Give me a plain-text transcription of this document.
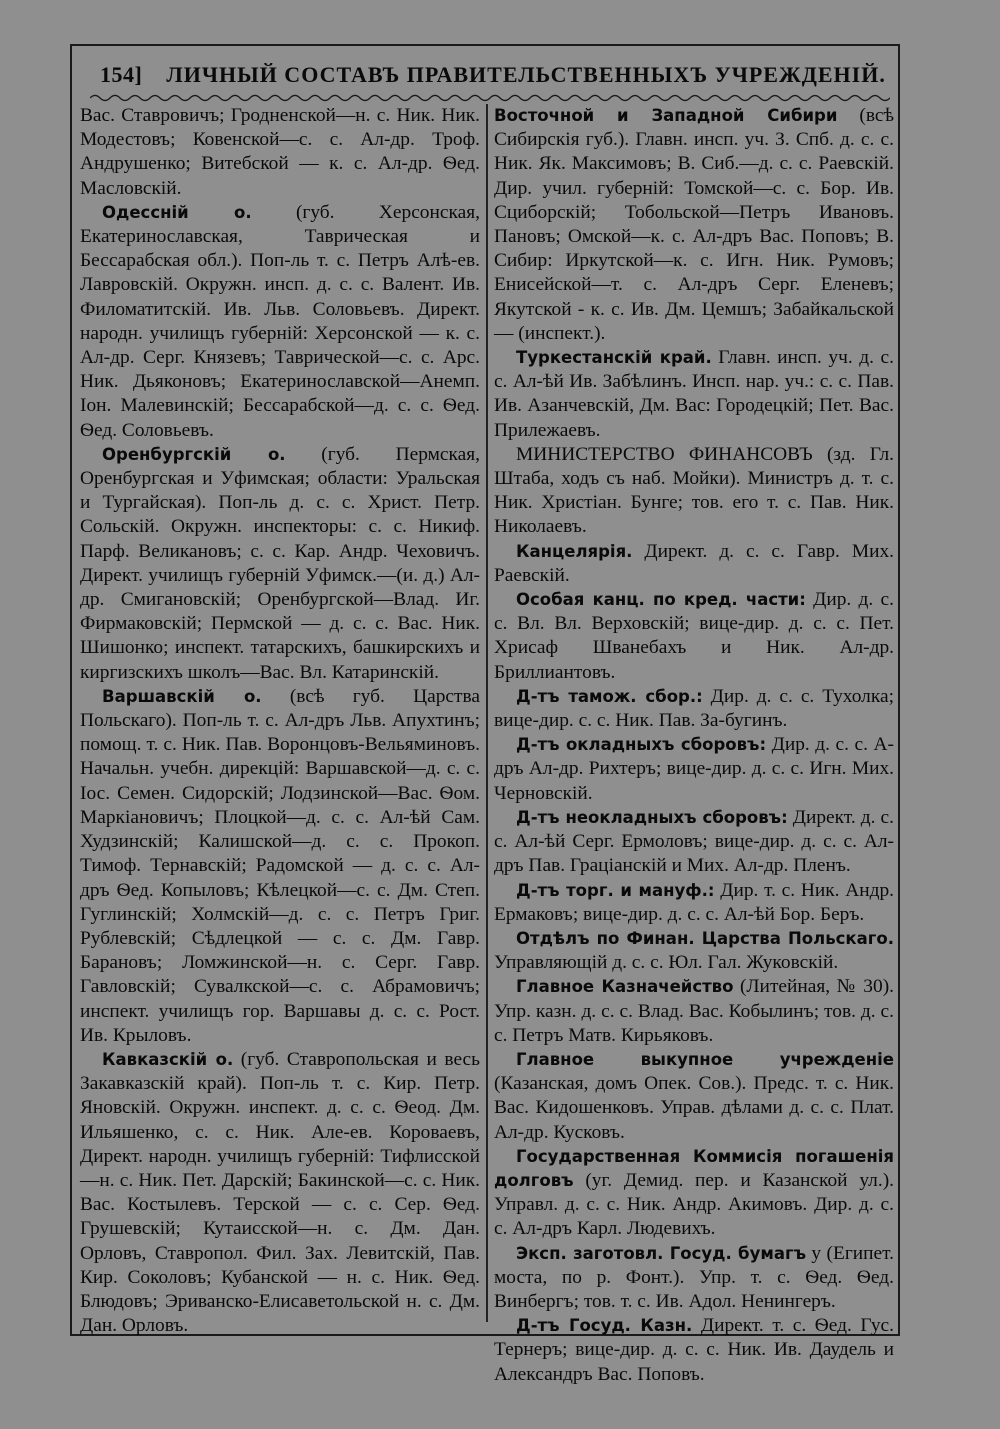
154] ЛИЧНЫЙ СОСТАВЪ ПРАВИТЕЛЬСТВЕННЫХЪ УЧРЕЖДЕНІЙ.

Вас. Ставровичъ; Гродненской—н. с. Ник. Ник. Модестовъ; Ковенской—с. с. Ал-др. Троф. Андрушенко; Витебской — к. с. Ал-др. Ѳед. Масловскій.

Одессній о. (губ. Херсонская, Екатеринославская, Таврическая и Бессарабская обл.). Поп-ль т. с. Петръ Алѣ-ев. Лавровскій. Окружн. инсп. д. с. с. Валент. Ив. Филоматитскій. Ив. Льв. Соловьевъ. Директ. народн. училищъ губерній: Херсонской — к. с. Ал-др. Серг. Князевъ; Таврической—с. с. Арс. Ник. Дьяконовъ; Екатеринославской—Анемп. Іон. Малевинскій; Бессарабской—д. с. с. Ѳед. Ѳед. Соловьевъ.

Оренбургскій о. (губ. Пермская, Оренбургская и Уфимская; области: Уральская и Тургайская). Поп-ль д. с. с. Христ. Петр. Сольскій. Окружн. инспекторы: с. с. Никиф. Парф. Великановъ; с. с. Кар. Андр. Чеховичъ. Директ. училищъ губерній Уфимск.—(и. д.) Ал-др. Смигановскій; Оренбургской—Влад. Иг. Фирмаковскій; Пермской — д. с. с. Вас. Ник. Шишонко; инспект. татарскихъ, башкирскихъ и киргизскихъ школъ—Вас. Вл. Катаринскій.

Варшавскій о. (всѣ губ. Царства Польскаго). Поп-ль т. с. Ал-дръ Льв. Апухтинъ; помощ. т. с. Ник. Пав. Воронцовъ-Вельяминовъ. Начальн. учебн. дирекцій: Варшавской—д. с. с. Іос. Семен. Сидорскій; Лодзинской—Вас. Ѳом. Маркіановичъ; Плоцкой—д. с. с. Ал-ѣй Сам. Худзинскій; Калишской—д. с. с. Прокоп. Тимоф. Тернавскій; Радомской — д. с. с. Ал-дръ Ѳед. Копыловъ; Кѣлецкой—с. с. Дм. Степ. Гуглинскій; Холмскій—д. с. с. Петръ Григ. Рублевскій; Сѣдлецкой — с. с. Дм. Гавр. Барановъ; Ломжинской—н. с. Серг. Гавр. Гавловскій; Сувалкской—с. с. Абрамовичъ; инспект. училищъ гор. Варшавы д. с. с. Рост. Ив. Крыловъ.

Кавказскій о. (губ. Ставропольская и весь Закавказскій край). Поп-ль т. с. Кир. Петр. Яновскій. Окружн. инспект. д. с. с. Ѳеод. Дм. Ильяшенко, с. с. Ник. Але-ев. Короваевъ, Директ. народн. училищъ губерній: Тифлисской—н. с. Ник. Пет. Дарскій; Бакинской—с. с. Ник. Вас. Костылевъ. Терской — с. с. Сер. Ѳед. Грушевскій; Кутаисской—н. с. Дм. Дан. Орловъ, Ставропол. Фил. Зах. Левитскій, Пав. Кир. Соколовъ; Кубанской — н. с. Ник. Ѳед. Блюдовъ; Эриванско-Елисаветольской н. с. Дм. Дан. Орловъ.

Восточной и Западной Сибири (всѣ Сибирскія губ.). Главн. инсп. уч. З. Спб. д. с. с. Ник. Як. Максимовъ; В. Сиб.—д. с. с. Раевскій. Дир. учил. губерній: Томской—с. с. Бор. Ив. Сциборскій; Тобольской—Петръ Ивановъ. Пановъ; Омской—к. с. Ал-дръ Вас. Поповъ; В. Сибир: Иркутской—к. с. Игн. Ник. Румовъ; Енисейской—т. с. Ал-дръ Серг. Еленевъ; Якутской - к. с. Ив. Дм. Цемшъ; Забайкальской — (инспект.).

Туркестанскій край. Главн. инсп. уч. д. с. с. Ал-ѣй Ив. Забѣлинъ. Инсп. нар. уч.: с. с. Пав. Ив. Азанчевскій, Дм. Вас: Городецкій; Пет. Вас. Прилежаевъ.

МИНИСТЕРСТВО ФИНАНСОВЪ (зд. Гл. Штаба, ходъ съ наб. Мойки). Министръ д. т. с. Ник. Христіан. Бунге; тов. его т. с. Пав. Ник. Николаевъ.

Канцелярія. Директ. д. с. с. Гавр. Мих. Раевскій.

Особая канц. по кред. части: Дир. д. с. с. Вл. Вл. Верховскій; вице-дир. д. с. с. Пет. Хрисаф Шванебахъ и Ник. Ал-др. Бриллиантовъ.

Д-тъ тамож. сбор.: Дир. д. с. с. Тухолка; вице-дир. с. с. Ник. Пав. За-бугинъ.

Д-тъ окладныхъ сборовъ: Дир. д. с. с. А-дръ Ал-др. Рихтеръ; вице-дир. д. с. с. Игн. Мих. Черновскій.

Д-тъ неокладныхъ сборовъ: Директ. д. с. с. Ал-ѣй Серг. Ермоловъ; вице-дир. д. с. с. Ал-дръ Пав. Граціанскій и Мих. Ал-др. Пленъ.

Д-тъ торг. и мануф.: Дир. т. с. Ник. Андр. Ермаковъ; вице-дир. д. с. с. Ал-ѣй Бор. Беръ.

Отдѣлъ по Финан. Царства Польскаго. Управляющій д. с. с. Юл. Гал. Жуковскій.

Главное Казначейство (Литейная, № 30). Упр. казн. д. с. с. Влад. Вас. Кобылинъ; тов. д. с. с. Петръ Матв. Кирьяковъ.

Главное выкупное учрежденіе (Казанская, домъ Опек. Сов.). Предс. т. с. Ник. Вас. Кидошенковъ. Управ. дѣлами д. с. с. Плат. Ал-др. Кусковъ.

Государственная Коммисія погашенія долговъ (уг. Демид. пер. и Казанской ул.). Управл. д. с. с. Ник. Андр. Акимовъ. Дир. д. с. с. Ал-дръ Карл. Людевихъ.

Эксп. заготовл. Госуд. бумагъ у (Египет. моста, по р. Фонт.). Упр. т. с. Ѳед. Ѳед. Винбергъ; тов. т. с. Ив. Адол. Ненингеръ.

Д-тъ Госуд. Казн. Директ. т. с. Ѳед. Гус. Тернеръ; вице-дир. д. с. с. Ник. Ив. Даудель и Александръ Вас. Поповъ.
